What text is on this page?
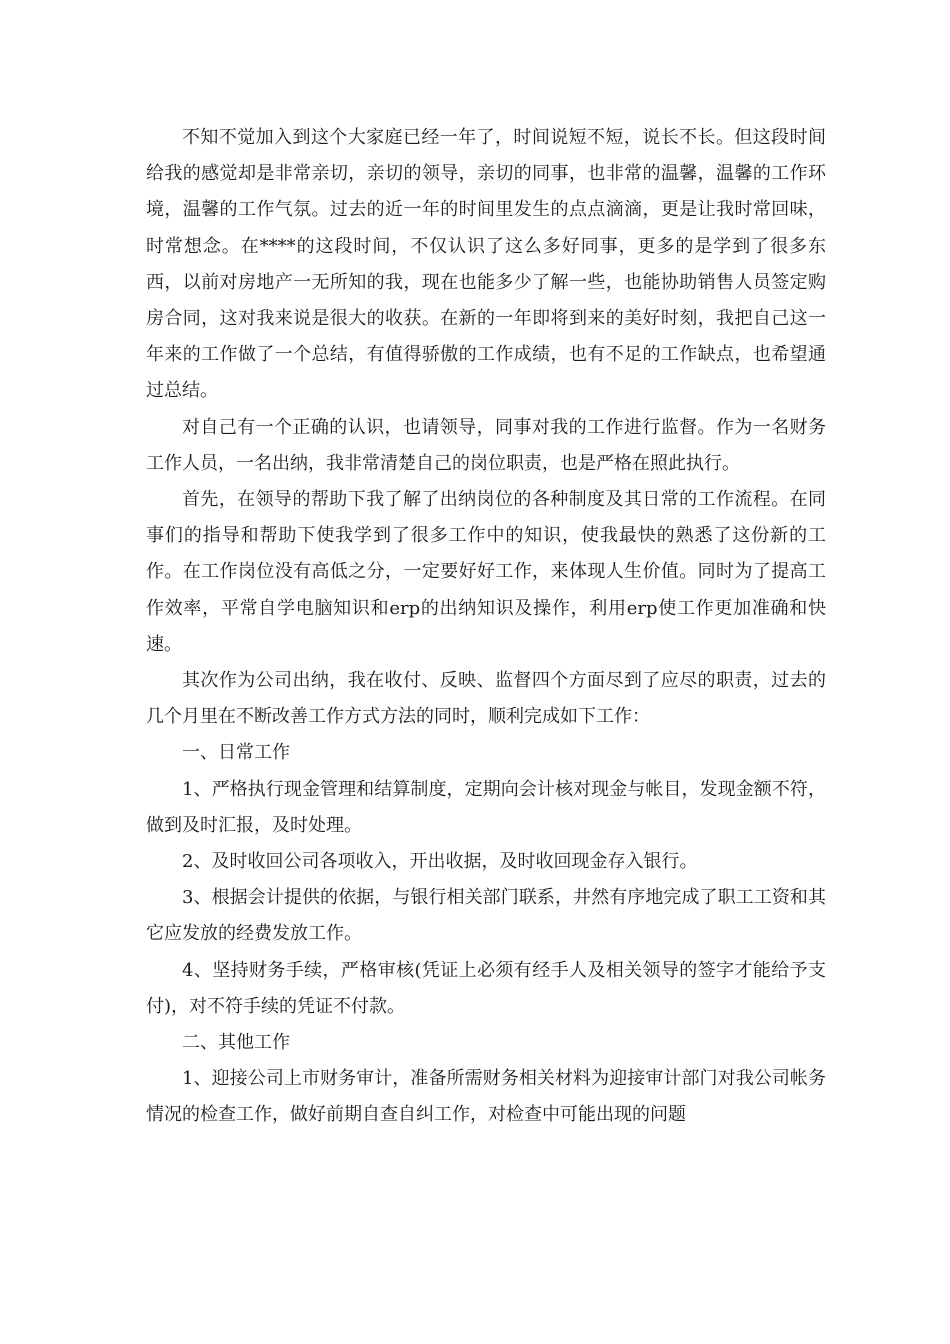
不知不觉加入到这个大家庭已经一年了，时间说短不短，说长不长。但这段时间给我的感觉却是非常亲切，亲切的领导，亲切的同事，也非常的温馨，温馨的工作环境，温馨的工作气氛。过去的近一年的时间里发生的点点滴滴，更是让我时常回味，时常想念。在****的这段时间，不仅认识了这么多好同事，更多的是学到了很多东西，以前对房地产一无所知的我，现在也能多少了解一些，也能协助销售人员签定购房合同，这对我来说是很大的收获。在新的一年即将到来的美好时刻，我把自己这一年来的工作做了一个总结，有值得骄傲的工作成绩，也有不足的工作缺点，也希望通过总结。

对自己有一个正确的认识，也请领导，同事对我的工作进行监督。作为一名财务工作人员，一名出纳，我非常清楚自己的岗位职责，也是严格在照此执行。

首先，在领导的帮助下我了解了出纳岗位的各种制度及其日常的工作流程。在同事们的指导和帮助下使我学到了很多工作中的知识，使我最快的熟悉了这份新的工作。在工作岗位没有高低之分，一定要好好工作，来体现人生价值。同时为了提高工作效率，平常自学电脑知识和erp的出纳知识及操作，利用erp使工作更加准确和快速。

其次作为公司出纳，我在收付、反映、监督四个方面尽到了应尽的职责，过去的几个月里在不断改善工作方式方法的同时，顺利完成如下工作：

一、日常工作

1、严格执行现金管理和结算制度，定期向会计核对现金与帐目，发现金额不符，做到及时汇报，及时处理。

2、及时收回公司各项收入，开出收据，及时收回现金存入银行。

3、根据会计提供的依据，与银行相关部门联系，井然有序地完成了职工工资和其它应发放的经费发放工作。

4、坚持财务手续，严格审核(凭证上必须有经手人及相关领导的签字才能给予支付)，对不符手续的凭证不付款。

二、其他工作

1、迎接公司上市财务审计，准备所需财务相关材料为迎接审计部门对我公司帐务情况的检查工作，做好前期自查自纠工作，对检查中可能出现的问题
